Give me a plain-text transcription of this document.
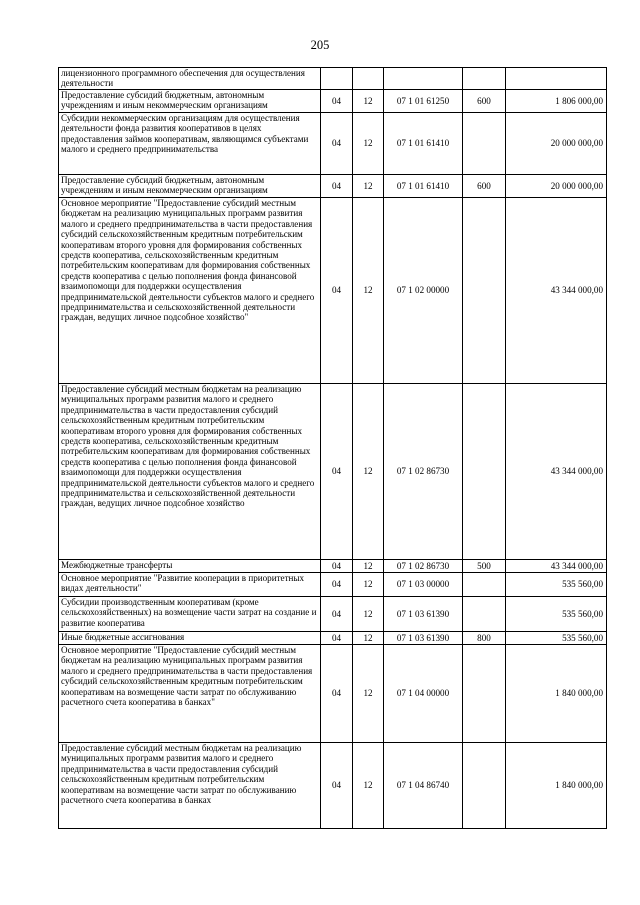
205
лицензионного программного обеспечения для осуществления деятельности					
Предоставление субсидий бюджетным, автономным учреждениям и иным некоммерческим организациям	04	12	07 1 01 61250	600	1 806 000,00
Субсидии некоммерческим организациям для осуществления деятельности фонда развития кооперативов в целях предоставления займов кооперативам, являющимся субъектами малого и среднего предпринимательства	04	12	07 1 01 61410		20 000 000,00
Предоставление субсидий бюджетным, автономным учреждениям и иным некоммерческим организациям	04	12	07 1 01 61410	600	20 000 000,00
Основное мероприятие "Предоставление субсидий местным бюджетам на реализацию муниципальных программ развития малого и среднего предпринимательства в части предоставления субсидий сельскохозяйственным кредитным потребительским кооперативам второго уровня для формирования собственных средств кооператива, сельскохозяйственным кредитным потребительским кооперативам для формирования собственных средств кооператива с целью пополнения фонда финансовой взаимопомощи для поддержки осуществления предпринимательской деятельности субъектов малого и среднего предпринимательства и сельскохозяйственной деятельности граждан, ведущих личное подсобное хозяйство"	04	12	07 1 02 00000		43 344 000,00
Предоставление субсидий местным бюджетам на реализацию муниципальных программ развития малого и среднего предпринимательства в части предоставления субсидий сельскохозяйственным кредитным потребительским кооперативам второго уровня для формирования собственных средств кооператива, сельскохозяйственным кредитным потребительским кооперативам для формирования собственных средств кооператива с целью пополнения фонда финансовой взаимопомощи для поддержки осуществления предпринимательской деятельности субъектов малого и среднего предпринимательства и сельскохозяйственной деятельности граждан, ведущих личное подсобное хозяйство	04	12	07 1 02 86730		43 344 000,00
Межбюджетные трансферты	04	12	07 1 02 86730	500	43 344 000,00
Основное мероприятие "Развитие кооперации в приоритетных видах деятельности"	04	12	07 1 03 00000		535 560,00
Субсидии производственным кооперативам (кроме сельскохозяйственных) на возмещение части затрат на создание и развитие кооператива	04	12	07 1 03 61390		535 560,00
Иные бюджетные ассигнования	04	12	07 1 03 61390	800	535 560,00
Основное мероприятие "Предоставление субсидий местным бюджетам на реализацию муниципальных программ развития малого и среднего предпринимательства в части предоставления субсидий сельскохозяйственным кредитным потребительским кооперативам на возмещение части затрат по обслуживанию расчетного счета кооператива в банках"	04	12	07 1 04 00000		1 840 000,00
Предоставление субсидий местным бюджетам на реализацию муниципальных программ развития малого и среднего предпринимательства в части предоставления субсидий сельскохозяйственным кредитным потребительским кооперативам на возмещение части затрат по обслуживанию расчетного счета кооператива в банках	04	12	07 1 04 86740		1 840 000,00
